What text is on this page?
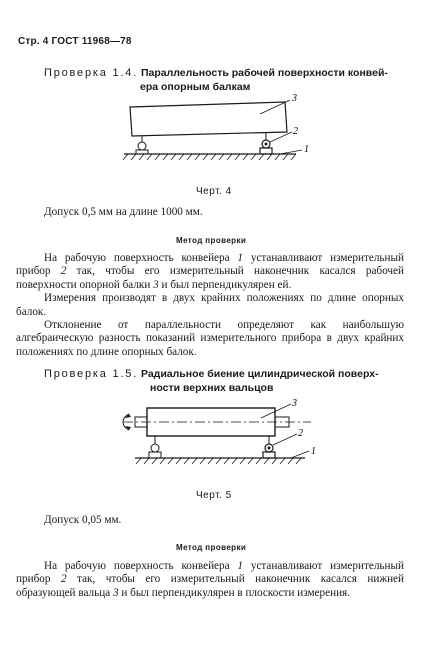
Стр. 4 ГОСТ 11968—78
Проверка 1.4. Параллельность рабочей поверхности конвей-
ера опорным балкам
3
2
1
Черт. 4
Допуск 0,5 мм на длине 1000 мм.
Метод проверки

На рабочую поверхность конвейера 1 устанавливают измерительный прибор 2 так, чтобы его измерительный наконечник касался рабочей поверхности опорной балки 3 и был перпендикулярен ей.

Измерения производят в двух крайних положениях по длине опорных балок.

Отклонение от параллельности определяют как наибольшую алгебраическую разность показаний измерительного прибора в двух крайних положениях по длине опорных балок.

Проверка 1.5. Радиальное биение цилиндрической поверх-
ности верхних вальцов
3
2
1
Черт. 5
Допуск 0,05 мм.
Метод проверки

На рабочую поверхность конвейера 1 устанавливают измерительный прибор 2 так, чтобы его измерительный наконечник касался нижней образующей вальца 3 и был перпендикулярен в плоскости измерения.
